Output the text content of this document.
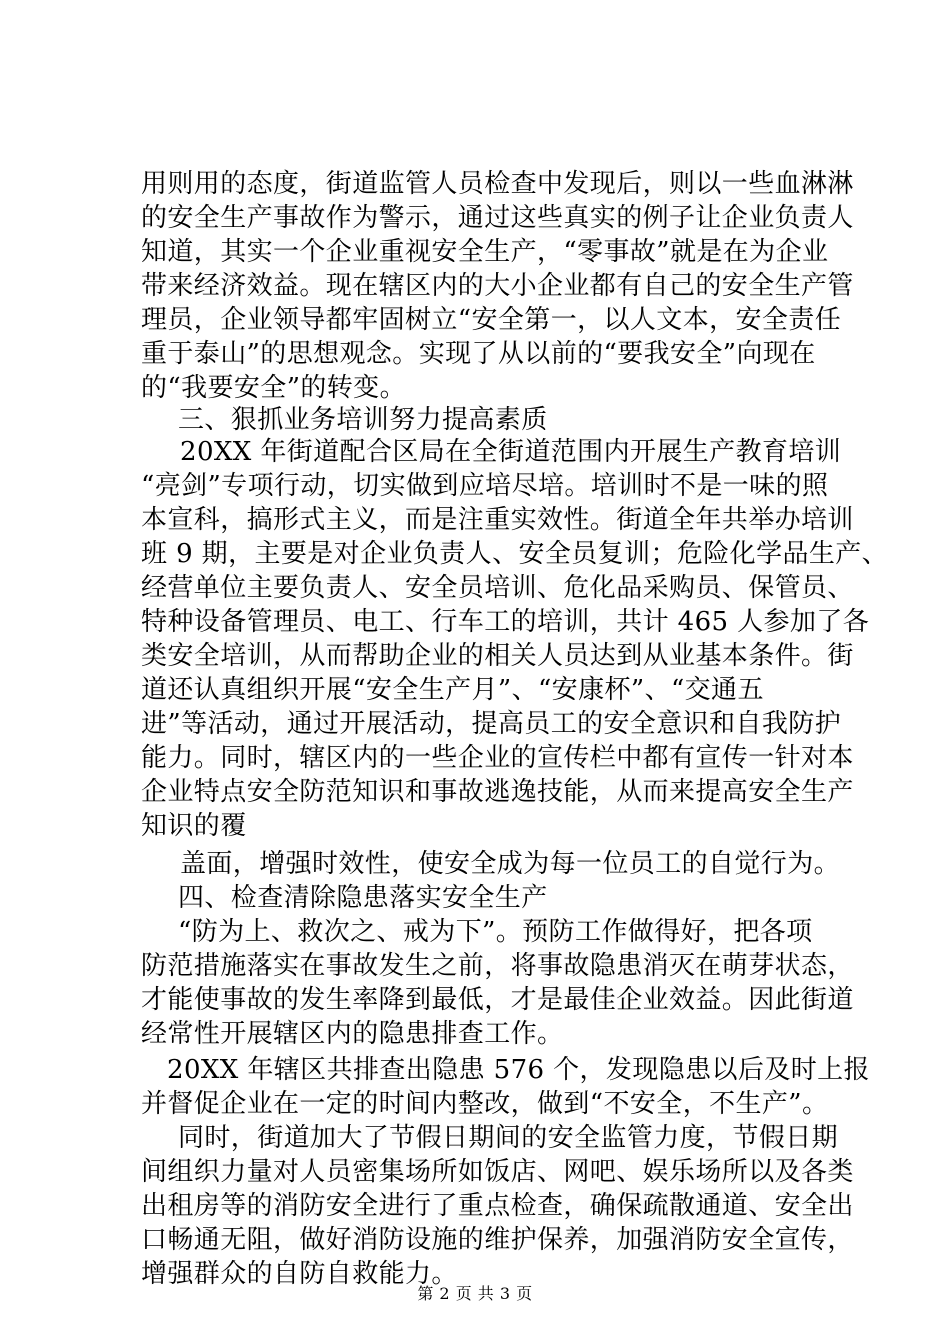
用则用的态度，街道监管人员检查中发现后，则以一些血淋淋
的安全生产事故作为警示，通过这些真实的例子让企业负责人
知道，其实一个企业重视安全生产，“零事故”就是在为企业
带来经济效益。现在辖区内的大小企业都有自己的安全生产管
理员，企业领导都牢固树立“安全第一，以人文本，安全责任
重于泰山”的思想观念。实现了从以前的“要我安全”向现在
的“我要安全”的转变。
三、狠抓业务培训努力提高素质
20XX 年街道配合区局在全街道范围内开展生产教育培训
“亮剑”专项行动，切实做到应培尽培。培训时不是一味的照
本宣科，搞形式主义，而是注重实效性。街道全年共举办培训
班 9 期，主要是对企业负责人、安全员复训；危险化学品生产、
经营单位主要负责人、安全员培训、危化品采购员、保管员、
特种设备管理员、电工、行车工的培训，共计 465 人参加了各
类安全培训，从而帮助企业的相关人员达到从业基本条件。街
道还认真组织开展“安全生产月”、“安康杯”、“交通五
进”等活动，通过开展活动，提高员工的安全意识和自我防护
能力。同时，辖区内的一些企业的宣传栏中都有宣传一针对本
企业特点安全防范知识和事故逃逸技能，从而来提高安全生产
知识的覆
盖面，增强时效性，使安全成为每一位员工的自觉行为。
四、检查清除隐患落实安全生产
“防为上、救次之、戒为下”。预防工作做得好，把各项
防范措施落实在事故发生之前，将事故隐患消灭在萌芽状态，
才能使事故的发生率降到最低，才是最佳企业效益。因此街道
经常性开展辖区内的隐患排查工作。
20XX 年辖区共排查出隐患 576 个，发现隐患以后及时上报
并督促企业在一定的时间内整改，做到“不安全，不生产”。
同时，街道加大了节假日期间的安全监管力度，节假日期
间组织力量对人员密集场所如饭店、网吧、娱乐场所以及各类
出租房等的消防安全进行了重点检查，确保疏散通道、安全出
口畅通无阻，做好消防设施的维护保养，加强消防安全宣传，
增强群众的自防自救能力。
第 2 页 共 3 页
